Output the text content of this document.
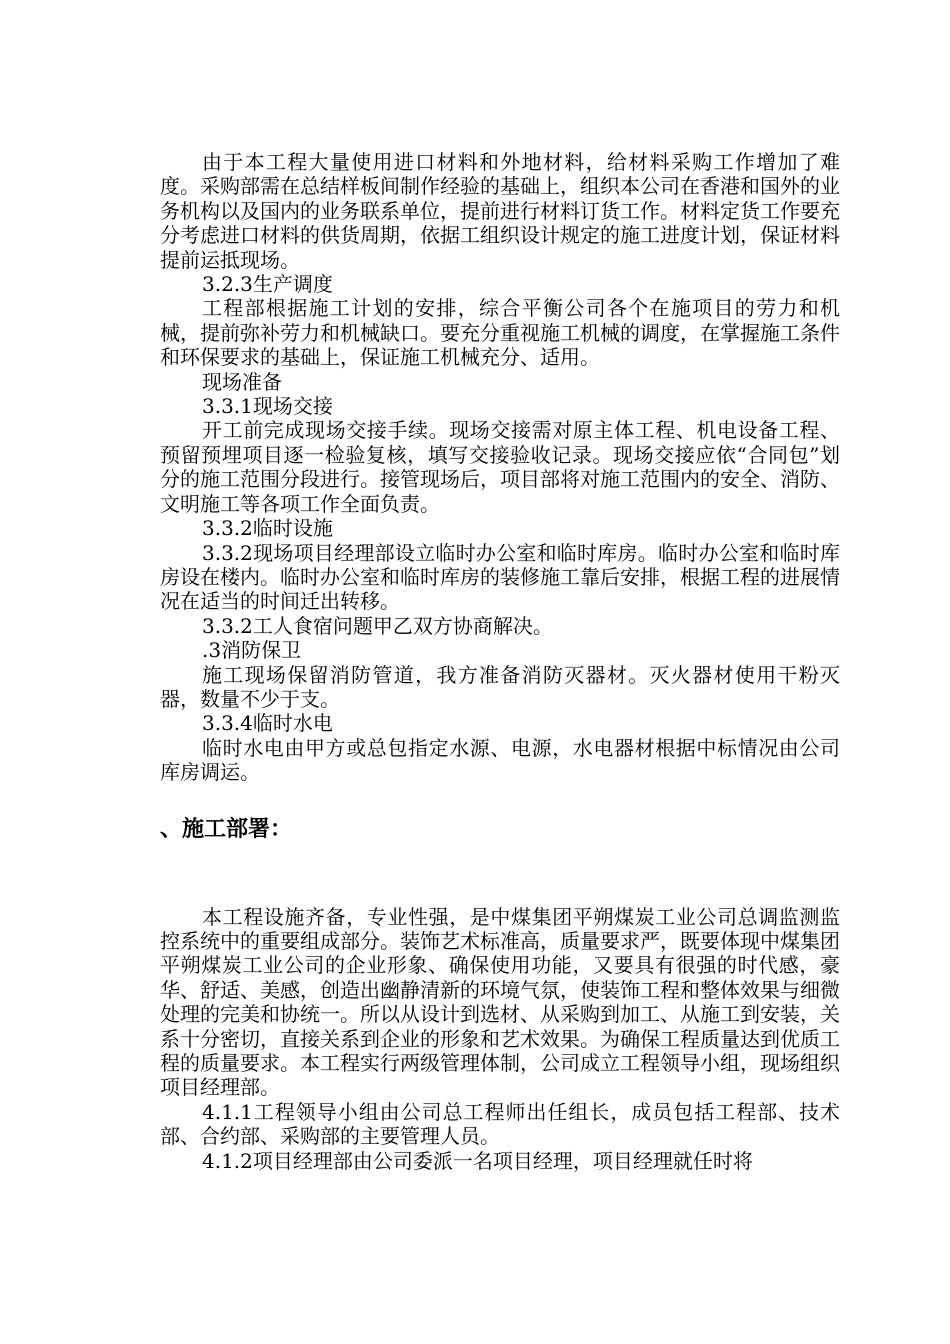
由于本工程大量使用进口材料和外地材料，给材料采购工作增加了难度。采购部需在总结样板间制作经验的基础上，组织本公司在香港和国外的业务机构以及国内的业务联系单位，提前进行材料订货工作。材料定货工作要充分考虑进口材料的供货周期，依据工组织设计规定的施工进度计划，保证材料提前运抵现场。

3.2.3生产调度

工程部根据施工计划的安排，综合平衡公司各个在施项目的劳力和机械，提前弥补劳力和机械缺口。要充分重视施工机械的调度，在掌握施工条件和环保要求的基础上，保证施工机械充分、适用。

现场准备

3.3.1现场交接

开工前完成现场交接手续。现场交接需对原主体工程、机电设备工程、预留预埋项目逐一检验复核，填写交接验收记录。现场交接应依“合同包”划分的施工范围分段进行。接管现场后，项目部将对施工范围内的安全、消防、文明施工等各项工作全面负责。

3.3.2临时设施

3.3.2现场项目经理部设立临时办公室和临时库房。临时办公室和临时库房设在楼内。临时办公室和临时库房的装修施工靠后安排，根据工程的进展情况在适当的时间迁出转移。

3.3.2工人食宿问题甲乙双方协商解决。

.3消防保卫

施工现场保留消防管道，我方准备消防灭器材。灭火器材使用干粉灭器，数量不少于支。

3.3.4临时水电

临时水电由甲方或总包指定水源、电源，水电器材根据中标情况由公司库房调运。

、施工部署：

本工程设施齐备，专业性强，是中煤集团平朔煤炭工业公司总调监测监控系统中的重要组成部分。装饰艺术标准高，质量要求严，既要体现中煤集团平朔煤炭工业公司的企业形象、确保使用功能，又要具有很强的时代感，豪华、舒适、美感，创造出幽静清新的环境气氛，使装饰工程和整体效果与细微处理的完美和协统一。所以从设计到选材、从采购到加工、从施工到安装，关系十分密切，直接关系到企业的形象和艺术效果。为确保工程质量达到优质工程的质量要求。本工程实行两级管理体制，公司成立工程领导小组，现场组织项目经理部。

4.1.1工程领导小组由公司总工程师出任组长，成员包括工程部、技术部、合约部、采购部的主要管理人员。

4.1.2项目经理部由公司委派一名项目经理，项目经理就任时将
